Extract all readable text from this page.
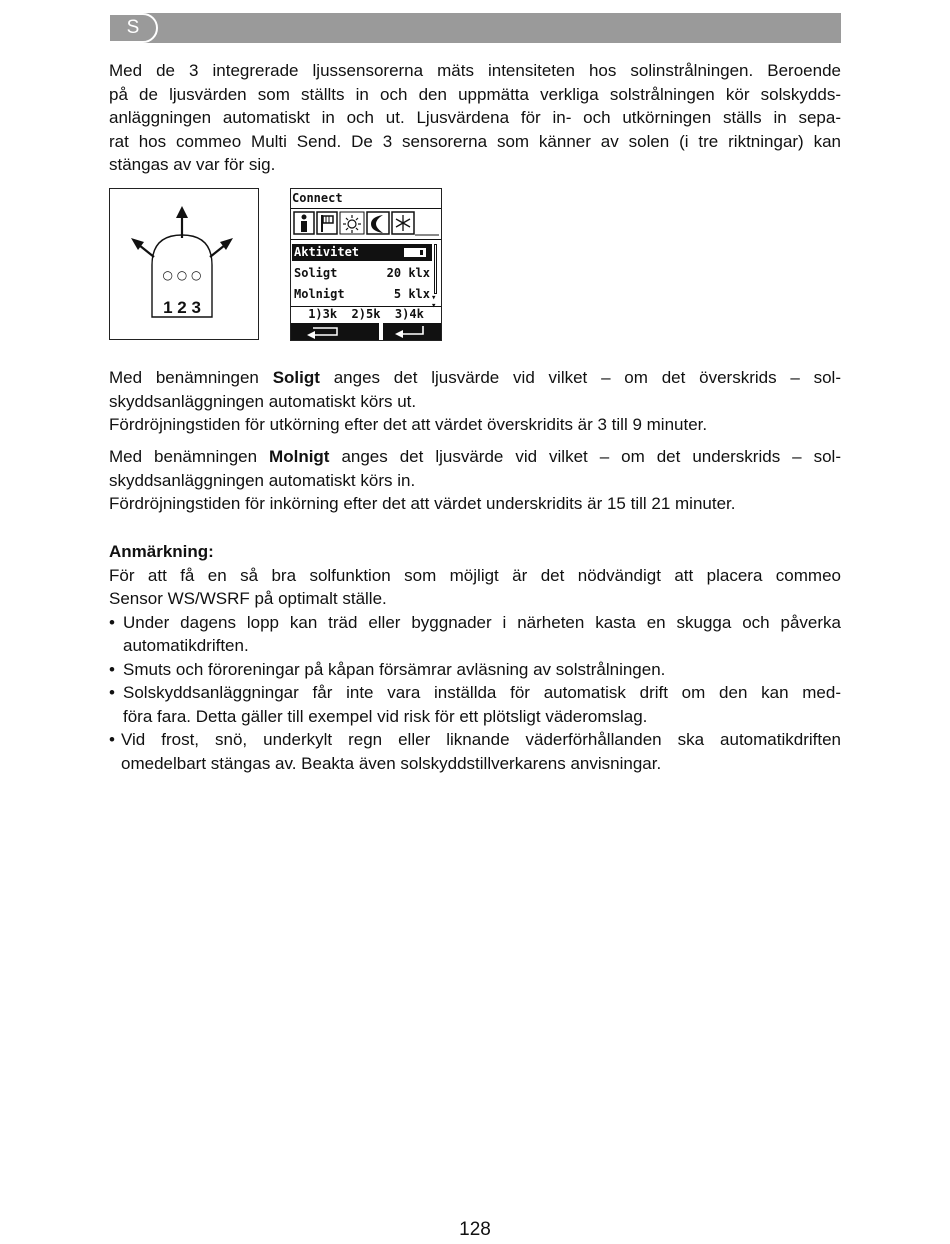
S
Med de 3 integrerade ljussensorerna mäts intensiteten hos solinstrålningen. Beroende
på de ljusvärden som ställts in och den uppmätta verkliga solstrålningen kör solskydds-
anläggningen automatiskt in och ut. Ljusvärdena för in- och utkörningen ställs in sepa-
rat hos commeo Multi Send. De 3 sensorerna som känner av solen (i tre riktningar) kan
stängas av var för sig.
○ ○ ○
1 2 3
Connect
Aktivitet
Soligt	20 klx
Molnigt	5 klx ▾

1)3k  2)5k  3)4k
Med benämningen Soligt anges det ljusvärde vid vilket – om det överskrids – sol-
skyddsanläggningen automatiskt körs ut.
Fördröjningstiden för utkörning efter det att värdet överskridits är 3 till 9 minuter.
Med benämningen Molnigt anges det ljusvärde vid vilket – om det underskrids – sol-
skyddsanläggningen automatiskt körs in.
Fördröjningstiden för inkörning efter det att värdet underskridits är 15 till 21 minuter.
Anmärkning:
För att få en så bra solfunktion som möjligt är det nödvändigt att placera commeo
Sensor WS/WSRF på optimalt ställe.
• Under dagens lopp kan träd eller byggnader i närheten kasta en skugga och påverka
automatikdriften.
• Smuts och föroreningar på kåpan försämrar avläsning av solstrålningen.
• Solskyddsanläggningar får inte vara inställda för automatisk drift om den kan med-
föra fara. Detta gäller till exempel vid risk för ett plötsligt väderomslag.
• Vid frost, snö, underkylt regn eller liknande väderförhållanden ska automatikdriften
omedelbart stängas av. Beakta även solskyddstillverkarens anvisningar.
128
